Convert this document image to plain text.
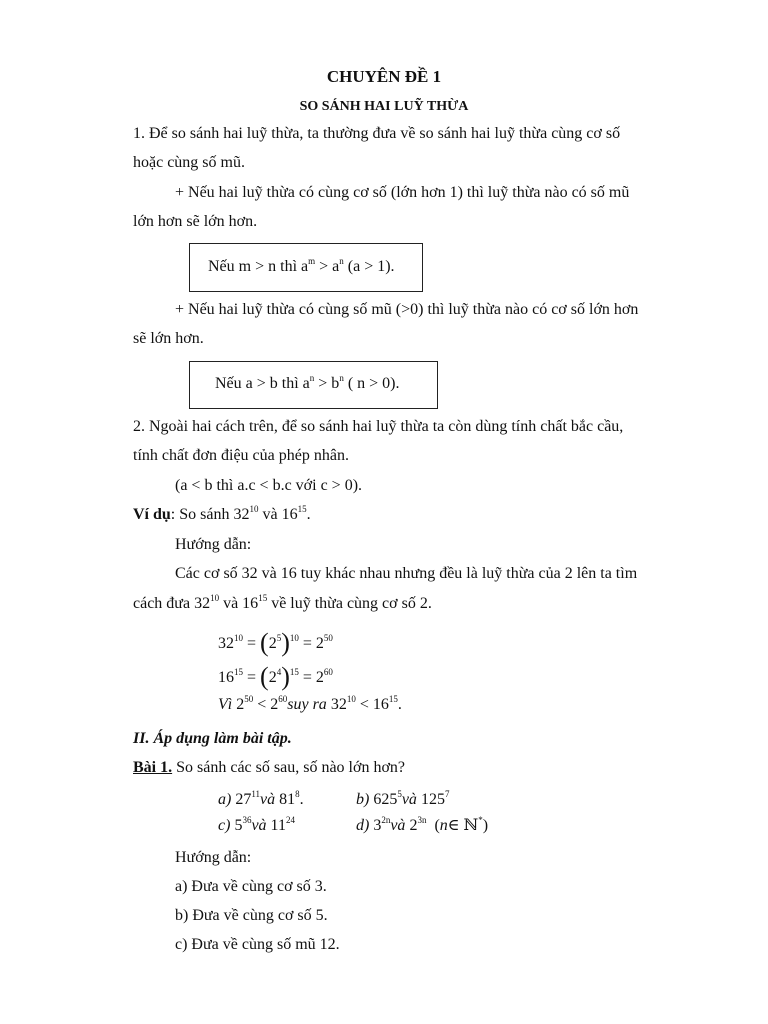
CHUYÊN ĐỀ 1
SO SÁNH HAI LUỸ THỪA
1. Để so sánh hai luỹ thừa, ta thường đưa về so sánh hai luỹ thừa cùng cơ số
hoặc cùng số mũ.
+ Nếu hai luỹ thừa có cùng cơ số (lớn hơn 1) thì luỹ thừa nào có số mũ
lớn hơn sẽ lớn hơn.
Nếu m > n thì $a^m > a^n$ (a > 1).
+ Nếu hai luỹ thừa có cùng số mũ (>0) thì luỹ thừa nào có cơ số lớn hơn
sẽ lớn hơn.
Nếu a > b thì $a^n > b^n$ ( n > 0).
2. Ngoài hai cách trên, để so sánh hai luỹ thừa ta còn dùng tính chất bắc cầu,
tính chất đơn điệu của phép nhân.
(a < b thì a.c < b.c với c > 0).
Ví dụ: So sánh $32^{10}$ và $16^{15}$.
Hướng dẫn:
Các cơ số 32 và 16 tuy khác nhau nhưng đều là luỹ thừa của 2 lên ta tìm
cách đưa $32^{10}$ và $16^{15}$ về luỹ thừa cùng cơ số 2.
$32^{10} = (2^5)^{10} = 2^{50}$
$16^{15} = (2^4)^{15} = 2^{60}$
Vì $2^{50} < 2^{60}suy$ ra $32^{10} < 16^{15}$.
II. Áp dụng làm bài tập.
Bài 1. So sánh các số sau, số nào lớn hơn?
a) $27^{11}và$ $81^8$.	b) $625^5và$ $125^7$
c) $5^{36}và$ $11^{24}$	d) $3^{2n}và$ $2^{3n}$ (n∈ ℕ*)
Hướng dẫn:
a) Đưa về cùng cơ số 3.
b) Đưa về cùng cơ số 5.
c) Đưa về cùng số mũ 12.
